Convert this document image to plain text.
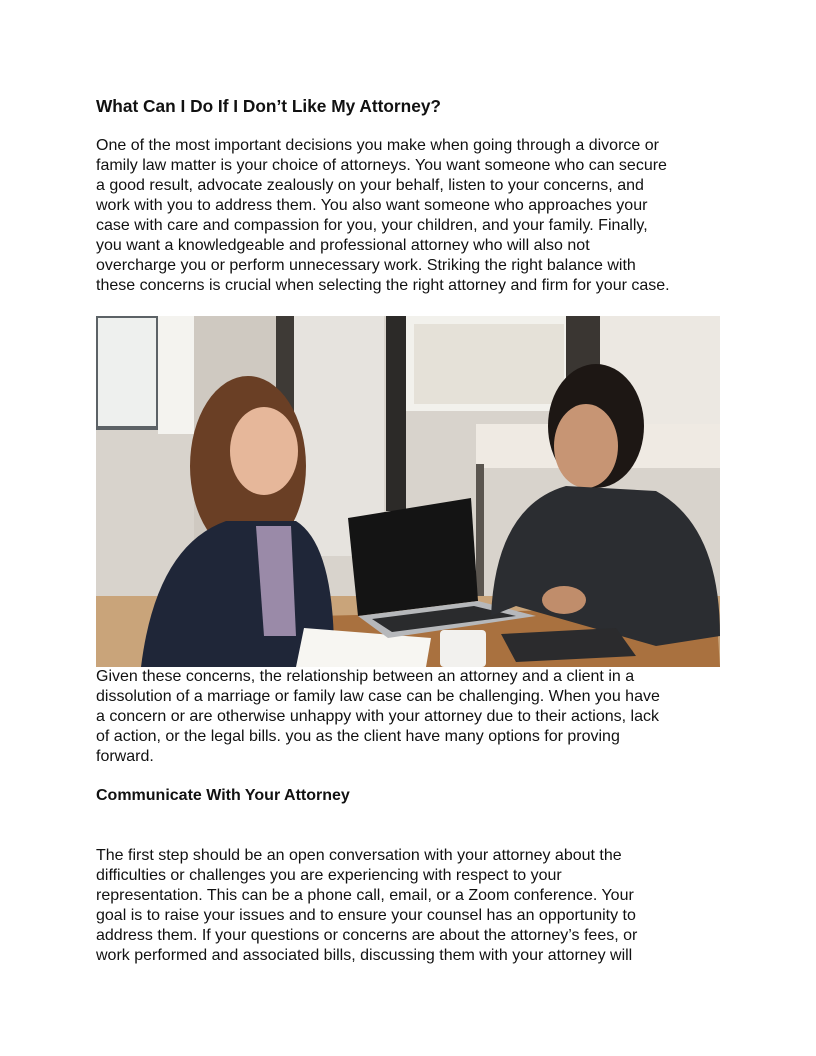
What Can I Do If I Don’t Like My Attorney?

One of the most important decisions you make when going through a divorce or
family law matter is your choice of attorneys. You want someone who can secure
a good result, advocate zealously on your behalf, listen to your concerns, and
work with you to address them. You also want someone who approaches your
case with care and compassion for you, your children, and your family. Finally,
you want a knowledgeable and professional attorney who will also not
overcharge you or perform unnecessary work. Striking the right balance with
these concerns is crucial when selecting the right attorney and firm for your case.

Given these concerns, the relationship between an attorney and a client in a
dissolution of a marriage or family law case can be challenging. When you have
a concern or are otherwise unhappy with your attorney due to their actions, lack
of action, or the legal bills. you as the client have many options for proving
forward.

Communicate With Your Attorney

The first step should be an open conversation with your attorney about the
difficulties or challenges you are experiencing with respect to your
representation. This can be a phone call, email, or a Zoom conference. Your
goal is to raise your issues and to ensure your counsel has an opportunity to
address them. If your questions or concerns are about the attorney’s fees, or
work performed and associated bills, discussing them with your attorney will
